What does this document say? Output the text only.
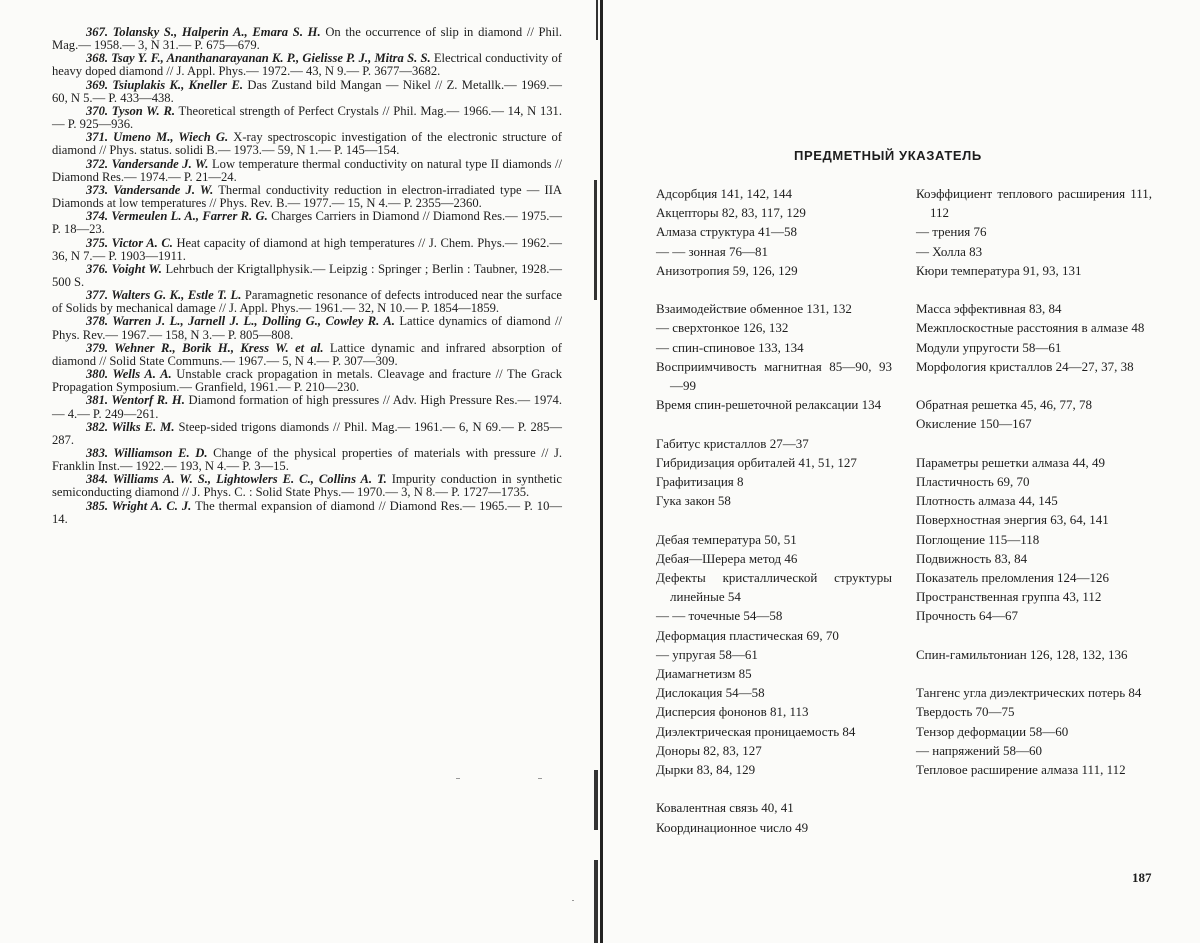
367. Tolansky S., Halperin A., Emara S. H. On the occurrence of slip in diamond // Phil. Mag.— 1958.— 3, N 31.— P. 675—679.

368. Tsay Y. F., Ananthanarayanan K. P., Gielisse P. J., Mitra S. S. Electrical conductivity of heavy doped diamond // J. Appl. Phys.— 1972.— 43, N 9.— P. 3677—3682.

369. Tsiuplakis K., Kneller E. Das Zustand bild Mangan — Nikel // Z. Metallk.— 1969.— 60, N 5.— P. 433—438.

370. Tyson W. R. Theoretical strength of Perfect Crystals // Phil. Mag.— 1966.— 14, N 131.— P. 925—936.

371. Umeno M., Wiech G. X-ray spectroscopic investigation of the electronic structure of diamond // Phys. status. solidi B.— 1973.— 59, N 1.— P. 145—154.

372. Vandersande J. W. Low temperature thermal conductivity on natural type II diamonds // Diamond Res.— 1974.— P. 21—24.

373. Vandersande J. W. Thermal conductivity reduction in electron-irradiated type — IIA Diamonds at low temperatures // Phys. Rev. B.— 1977.— 15, N 4.— P. 2355—2360.

374. Vermeulen L. A., Farrer R. G. Charges Carriers in Diamond // Diamond Res.— 1975.— P. 18—23.

375. Victor A. C. Heat capacity of diamond at high temperatures // J. Chem. Phys.— 1962.— 36, N 7.— P. 1903—1911.

376. Voight W. Lehrbuch der Krigtallphysik.— Leipzig : Springer ; Berlin : Taubner, 1928.— 500 S.

377. Walters G. K., Estle T. L. Paramagnetic resonance of defects introduced near the surface of Solids by mechanical damage // J. Appl. Phys.— 1961.— 32, N 10.— P. 1854—1859.

378. Warren J. L., Jarnell J. L., Dolling G., Cowley R. A. Lattice dynamics of diamond // Phys. Rev.— 1967.— 158, N 3.— P. 805—808.

379. Wehner R., Borik H., Kress W. et al. Lattice dynamic and infrared absorption of diamond // Solid State Communs.— 1967.— 5, N 4.— P. 307—309.

380. Wells A. A. Unstable crack propagation in metals. Cleavage and fracture // The Grack Propagation Symposium.— Granfield, 1961.— P. 210—230.

381. Wentorf R. H. Diamond formation of high pressures // Adv. High Pressure Res.— 1974.— 4.— P. 249—261.

382. Wilks E. M. Steep-sided trigons diamonds // Phil. Mag.— 1961.— 6, N 69.— P. 285—287.

383. Williamson E. D. Change of the physical properties of materials with pressure // J. Franklin Inst.— 1922.— 193, N 4.— P. 3—15.

384. Williams A. W. S., Lightowlers E. C., Collins A. T. Impurity conduction in synthetic semiconducting diamond // J. Phys. C. : Solid State Phys.— 1970.— 3, N 8.— P. 1727—1735.

385. Wright A. C. J. The thermal expansion of diamond // Diamond Res.— 1965.— P. 10—14.

ПРЕДМЕТНЫЙ УКАЗАТЕЛЬ
Адсорбция 141, 142, 144
Акцепторы 82, 83, 117, 129
Алмаза структура 41—58
— — зонная 76—81
Анизотропия 59, 126, 129
Взаимодействие обменное 131, 132
— сверхтонкое 126, 132
— спин-спиновое 133, 134
Восприимчивость магнитная 85—90, 93—99
Время спин-решеточной релаксации 134
Габитус кристаллов 27—37
Гибридизация орбиталей 41, 51, 127
Графитизация 8
Гука закон 58
Дебая температура 50, 51
Дебая—Шерера метод 46
Дефекты кристаллической структуры линейные 54
— — точечные 54—58
Деформация пластическая 69, 70
— упругая 58—61
Диамагнетизм 85
Дислокация 54—58
Дисперсия фононов 81, 113
Диэлектрическая проницаемость 84
Доноры 82, 83, 127
Дырки 83, 84, 129
Ковалентная связь 40, 41
Координационное число 49
Коэффициент теплового расширения 111, 112
— трения 76
— Холла 83
Кюри температура 91, 93, 131
Масса эффективная 83, 84
Межплоскостные расстояния в алмазе 48
Модули упругости 58—61
Морфология кристаллов 24—27, 37, 38
Обратная решетка 45, 46, 77, 78
Окисление 150—167
Параметры решетки алмаза 44, 49
Пластичность 69, 70
Плотность алмаза 44, 145
Поверхностная энергия 63, 64, 141
Поглощение 115—118
Подвижность 83, 84
Показатель преломления 124—126
Пространственная группа 43, 112
Прочность 64—67
Спин-гамильтониан 126, 128, 132, 136
Тангенс угла диэлектрических потерь 84
Твердость 70—75
Тензор деформации 58—60
— напряжений 58—60
Тепловое расширение алмаза 111, 112
187
